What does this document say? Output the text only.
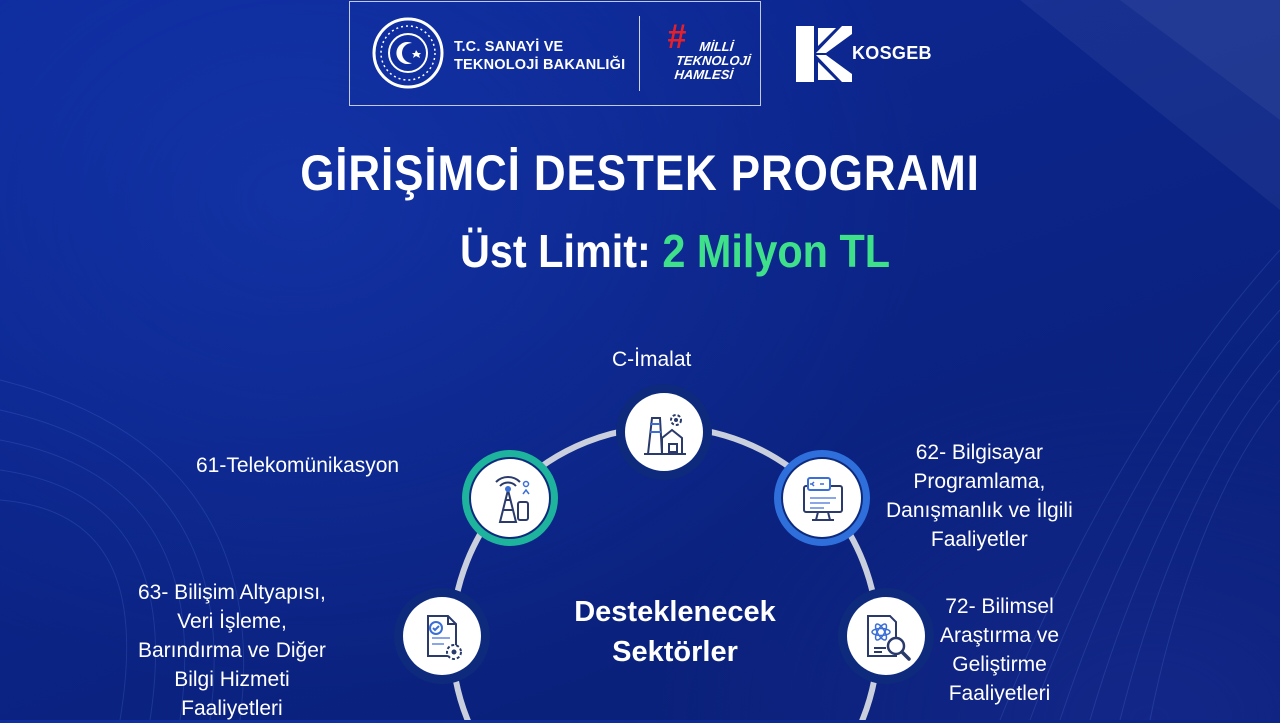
T.C. SANAYİ VE
TEKNOLOJİ BAKANLIĞI
# MİLLİ
TEKNOLOJİ
HAMLESİ
KOSGEB
GİRİŞİMCİ DESTEK PROGRAMI
Üst Limit: 2 Milyon TL
C-İmalat
61-Telekomünikasyon
62- Bilgisayar
Programlama,
Danışmanlık ve İlgili
Faaliyetler
63- Bilişim Altyapısı,
Veri İşleme,
Barındırma ve Diğer
Bilgi Hizmeti
Faaliyetleri
72- Bilimsel
Araştırma ve
Geliştirme
Faaliyetleri
Desteklenecek
Sektörler
